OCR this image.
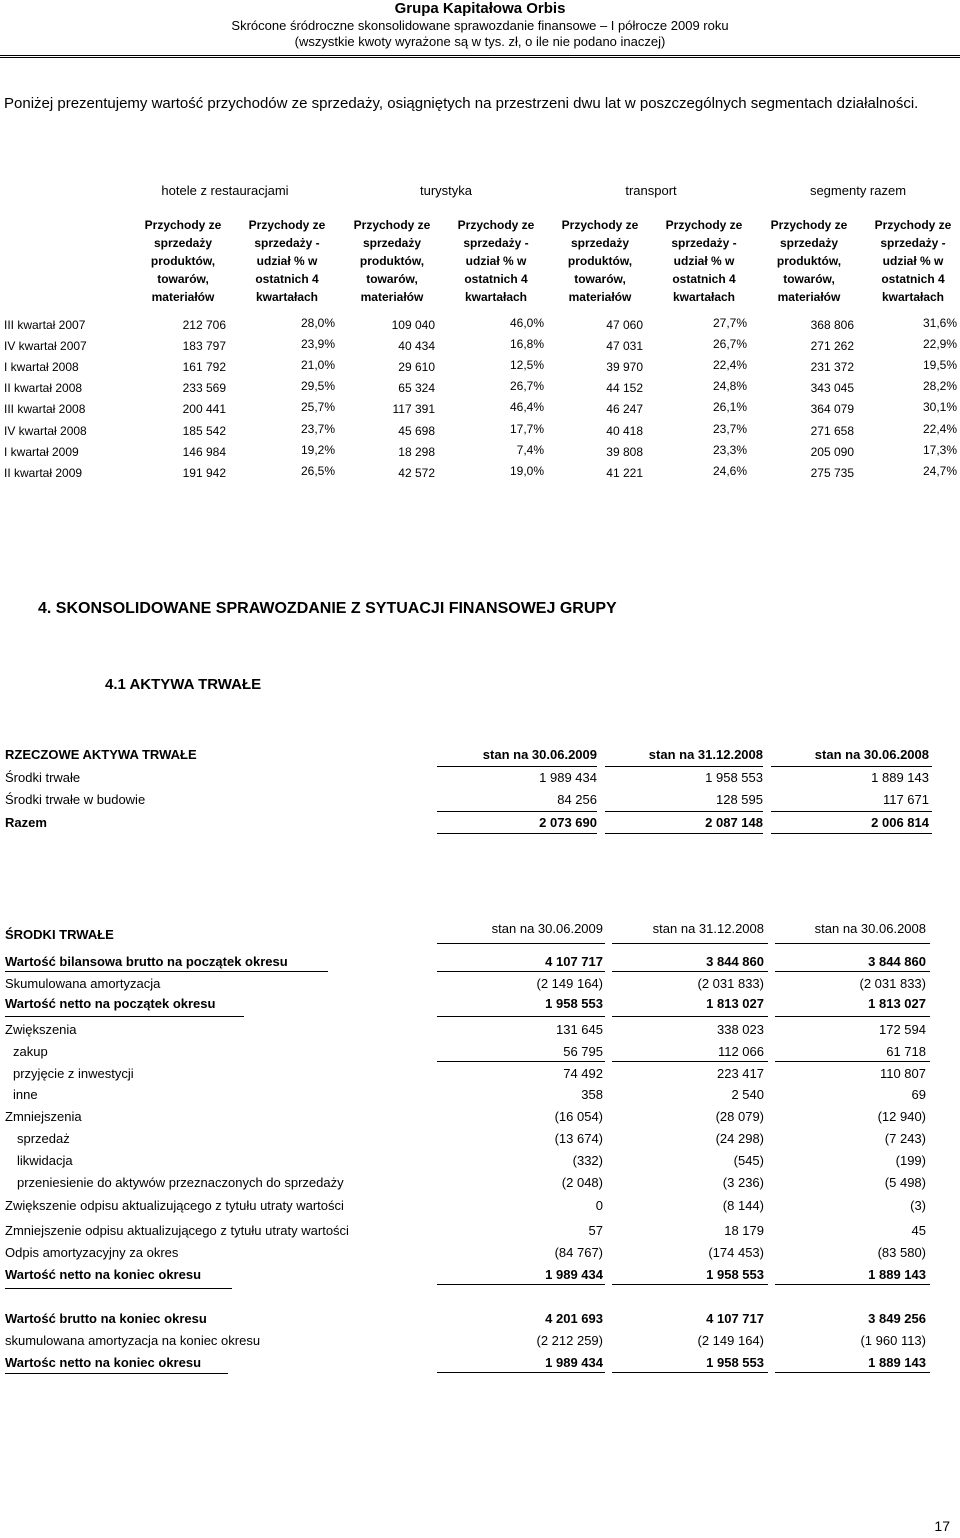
Grupa Kapitałowa Orbis
Skrócone śródroczne skonsolidowane sprawozdanie finansowe – I półrocze 2009 roku
(wszystkie kwoty wyrażone są w tys. zł, o ile nie podano inaczej)
Poniżej prezentujemy wartość przychodów ze sprzedaży, osiągniętych na przestrzeni dwu lat w poszczególnych segmentach działalności.
hotele z restauracjami	turystyka	transport	segmenty razem
Przychody ze
sprzedaży
produktów,
towarów,
materiałów
Przychody ze
sprzedaży -
udział % w
ostatnich 4
kwartałach
Przychody ze
sprzedaży
produktów,
towarów,
materiałów
Przychody ze
sprzedaży -
udział % w
ostatnich 4
kwartałach
Przychody ze
sprzedaży
produktów,
towarów,
materiałów
Przychody ze
sprzedaży -
udział % w
ostatnich 4
kwartałach
Przychody ze
sprzedaży
produktów,
towarów,
materiałów
Przychody ze
sprzedaży -
udział % w
ostatnich 4
kwartałach
III kwartał 2007	212 706	28,0%	109 040	46,0%	47 060	27,7%	368 806	31,6%
IV kwartał 2007	183 797	23,9%	40 434	16,8%	47 031	26,7%	271 262	22,9%
I kwartał 2008	161 792	21,0%	29 610	12,5%	39 970	22,4%	231 372	19,5%
II kwartał 2008	233 569	29,5%	65 324	26,7%	44 152	24,8%	343 045	28,2%
III kwartał 2008	200 441	25,7%	117 391	46,4%	46 247	26,1%	364 079	30,1%
IV kwartał 2008	185 542	23,7%	45 698	17,7%	40 418	23,7%	271 658	22,4%
I kwartał 2009	146 984	19,2%	18 298	7,4%	39 808	23,3%	205 090	17,3%
II kwartał 2009	191 942	26,5%	42 572	19,0%	41 221	24,6%	275 735	24,7%
4. SKONSOLIDOWANE SPRAWOZDANIE Z SYTUACJI FINANSOWEJ GRUPY
4.1 AKTYWA TRWAŁE
RZECZOWE AKTYWA TRWAŁE	stan na 30.06.2009	stan na 31.12.2008	stan na 30.06.2008
Środki trwałe	1 989 434	1 958 553	1 889 143
Środki trwałe w budowie	84 256	128 595	117 671
Razem	2 073 690	2 087 148	2 006 814
ŚRODKI TRWAŁE	stan na 30.06.2009	stan na 31.12.2008	stan na 30.06.2008
Wartość bilansowa brutto na początek okresu	4 107 717	3 844 860	3 844 860
Skumulowana amortyzacja	(2 149 164)	(2 031 833)	(2 031 833)
Wartość netto na początek okresu	1 958 553	1 813 027	1 813 027
Zwiększenia	131 645	338 023	172 594
zakup	56 795	112 066	61 718
przyjęcie z inwestycji	74 492	223 417	110 807
inne	358	2 540	69
Zmniejszenia	(16 054)	(28 079)	(12 940)
sprzedaż	(13 674)	(24 298)	(7 243)
likwidacja	(332)	(545)	(199)
przeniesienie do aktywów przeznaczonych do sprzedaży	(2 048)	(3 236)	(5 498)
Zwiększenie odpisu aktualizującego z tytułu utraty wartości	0	(8 144)	(3)
Zmniejszenie odpisu aktualizującego z tytułu utraty wartości	57	18 179	45
Odpis amortyzacyjny za okres	(84 767)	(174 453)	(83 580)
Wartość netto na koniec okresu	1 989 434	1 958 553	1 889 143
Wartość brutto na koniec okresu	4 201 693	4 107 717	3 849 256
skumulowana amortyzacja na koniec okresu	(2 212 259)	(2 149 164)	(1 960 113)
Wartośc netto na koniec okresu	1 989 434	1 958 553	1 889 143
17
